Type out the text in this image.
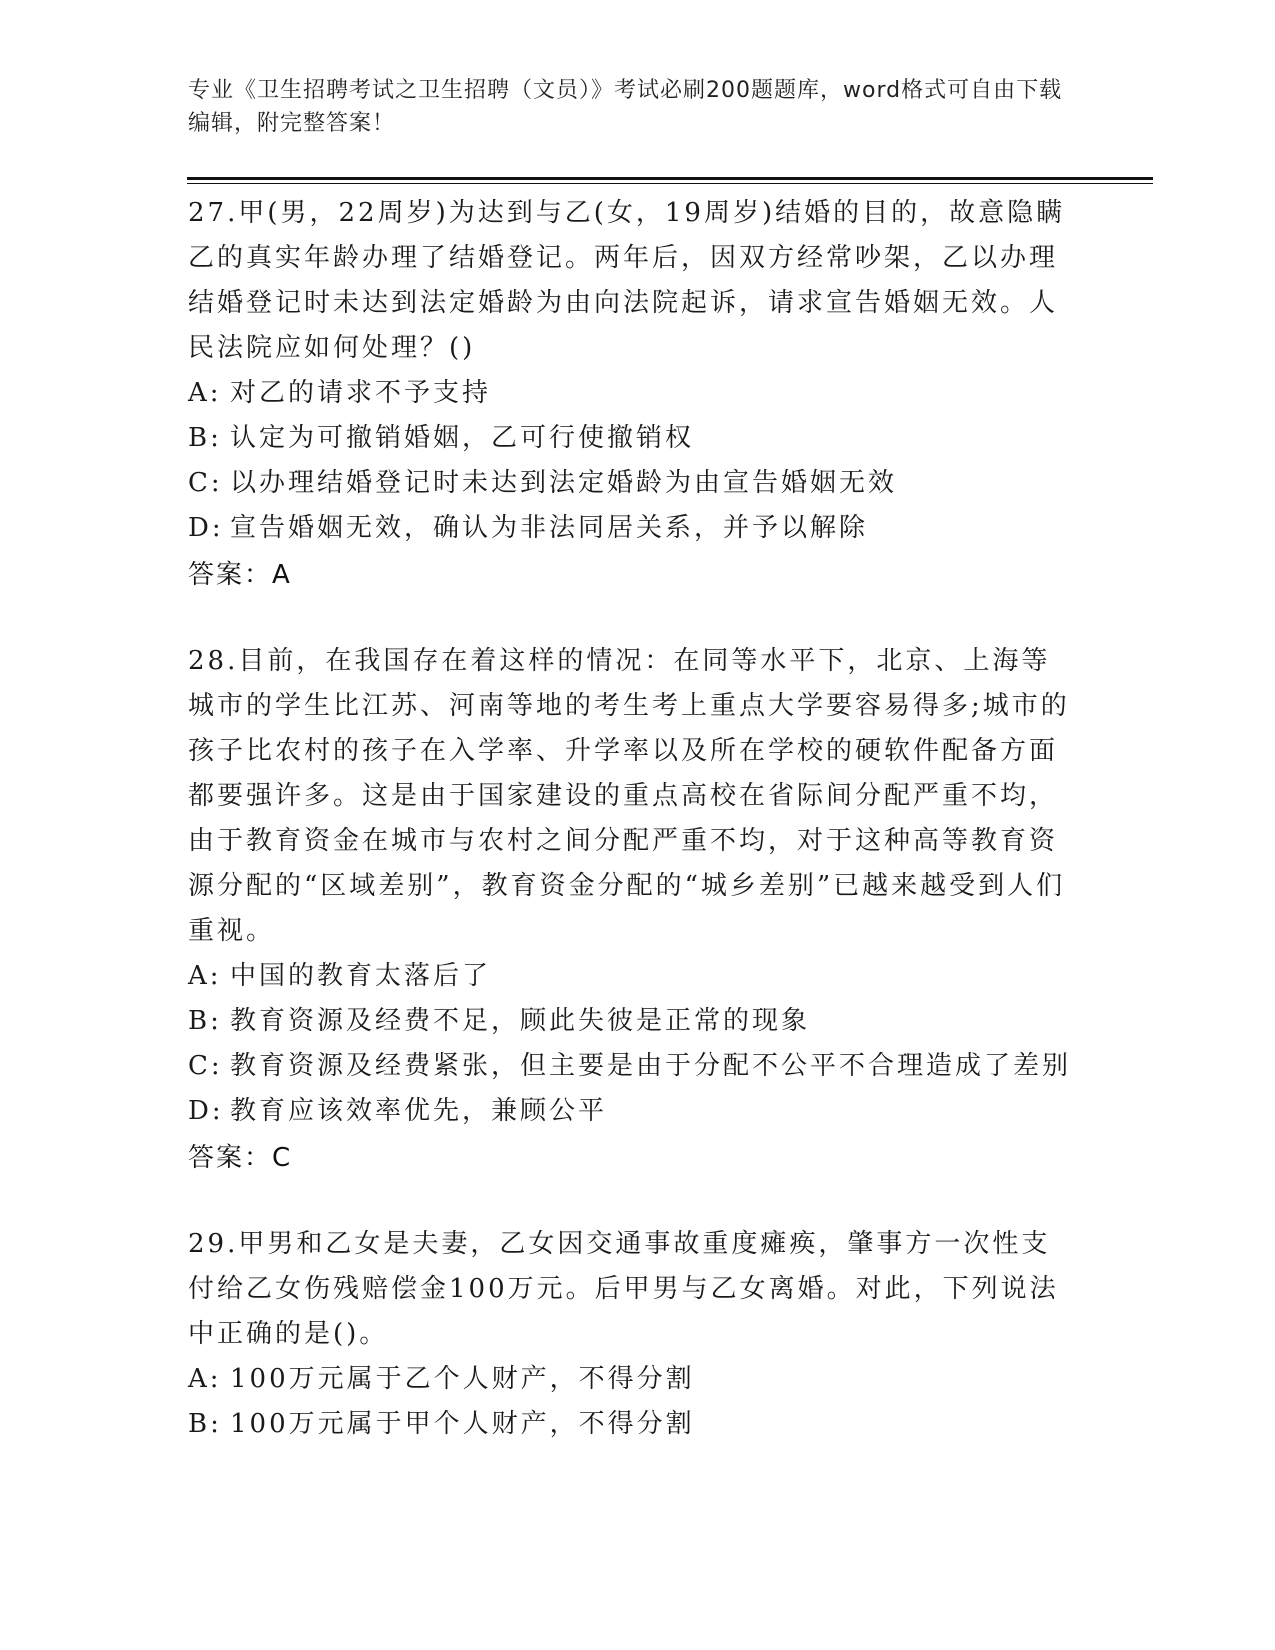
专业《卫生招聘考试之卫生招聘（文员）》考试必刷200题题库，word格式可自由下载编辑，附完整答案！

27.甲(男，22周岁)为达到与乙(女，19周岁)结婚的目的，故意隐瞒乙的真实年龄办理了结婚登记。两年后，因双方经常吵架，乙以办理结婚登记时未达到法定婚龄为由向法院起诉，请求宣告婚姻无效。人民法院应如何处理？()

A: 对乙的请求不予支持

B: 认定为可撤销婚姻，乙可行使撤销权

C: 以办理结婚登记时未达到法定婚龄为由宣告婚姻无效

D: 宣告婚姻无效，确认为非法同居关系，并予以解除

答案：A

28.目前，在我国存在着这样的情况：在同等水平下，北京、上海等城市的学生比江苏、河南等地的考生考上重点大学要容易得多;城市的孩子比农村的孩子在入学率、升学率以及所在学校的硬软件配备方面都要强许多。这是由于国家建设的重点高校在省际间分配严重不均，由于教育资金在城市与农村之间分配严重不均，对于这种高等教育资源分配的“区域差别”，教育资金分配的“城乡差别”已越来越受到人们重视。

A: 中国的教育太落后了

B: 教育资源及经费不足，顾此失彼是正常的现象

C: 教育资源及经费紧张，但主要是由于分配不公平不合理造成了差别

D: 教育应该效率优先，兼顾公平

答案：C

29.甲男和乙女是夫妻，乙女因交通事故重度瘫痪，肇事方一次性支付给乙女伤残赔偿金100万元。后甲男与乙女离婚。对此，下列说法中正确的是()。

A: 100万元属于乙个人财产，不得分割

B: 100万元属于甲个人财产，不得分割
